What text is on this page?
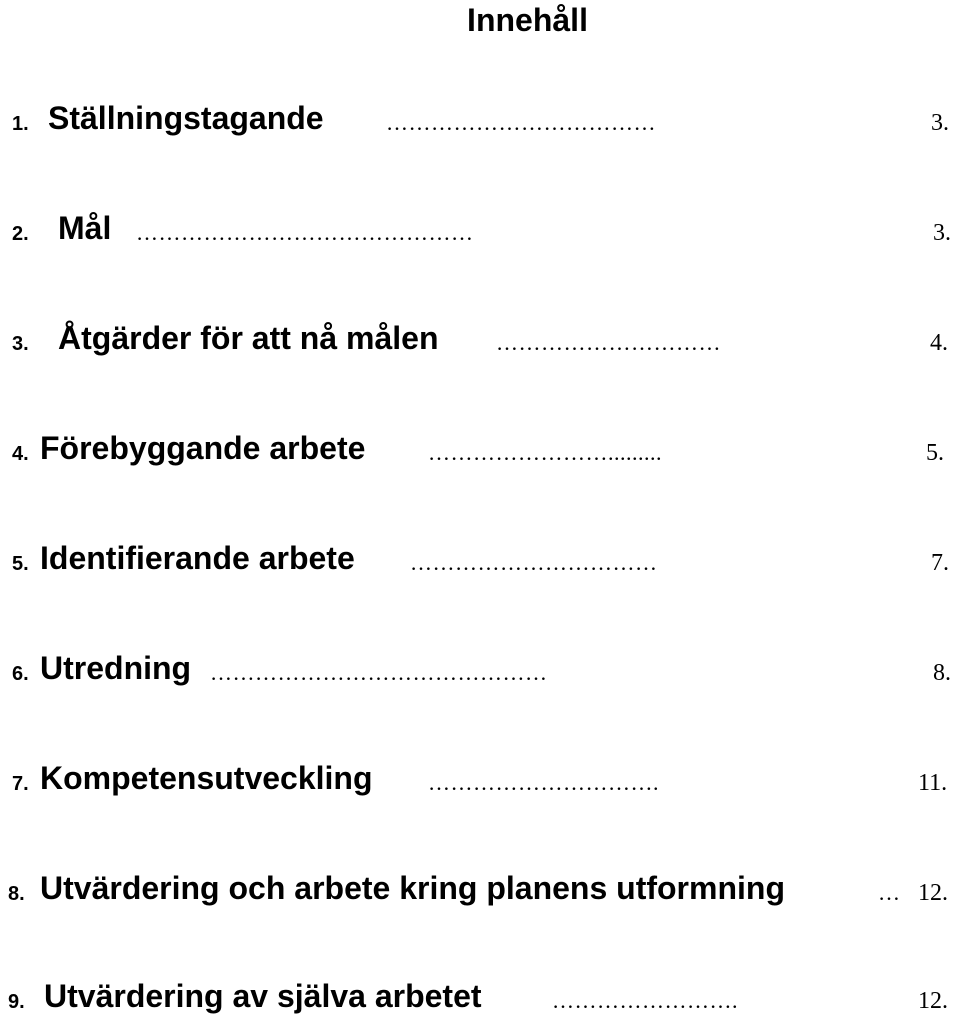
Innehåll
1. Ställningstagande	………………………………	3.
2. Mål ………………………………………	3.
3. Åtgärder för att nå målen	…………………………	4.
4. Förebyggande arbete	…………………….........	5.
5. Identifierande arbete	……………………………	7.
6. Utredning ………………………………………	8.
7. Kompetensutveckling	………………………….	11.
8. Utvärdering och arbete kring planens utformning	… 12.
9. Utvärdering av själva arbetet	…………………….	12.
